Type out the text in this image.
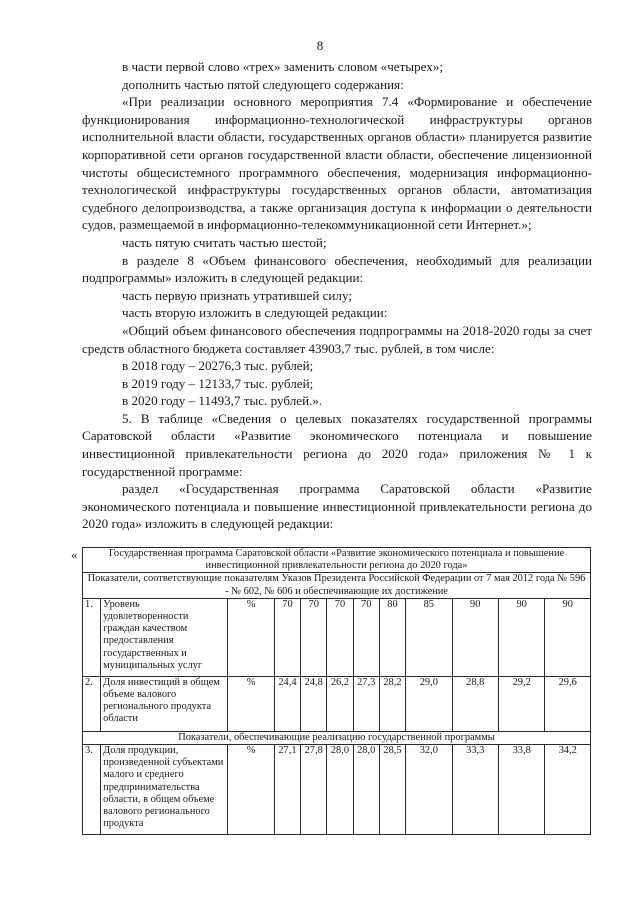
8

в части первой слово «трех» заменить словом «четырех»;

дополнить частью пятой следующего содержания:

«При реализации основного мероприятия 7.4 «Формирование и обеспечение функционирования информационно-технологической инфраструктуры органов исполнительной власти области, государственных органов области» планируется развитие корпоративной сети органов государственной власти области, обеспечение лицензионной чистоты общесистемного программного обеспечения, модернизация информационно-технологической инфраструктуры государственных органов области, автоматизация судебного делопроизводства, а также организация доступа к информации о деятельности судов, размещаемой в информационно-телекоммуникационной сети Интернет.»;

часть пятую считать частью шестой;

в разделе 8 «Объем финансового обеспечения, необходимый для реализации подпрограммы» изложить в следующей редакции:

часть первую признать утратившей силу;

часть вторую изложить в следующей редакции:

«Общий объем финансового обеспечения подпрограммы на 2018-2020 годы за счет средств областного бюджета составляет 43903,7 тыс. рублей, в том числе:

в 2018 году – 20276,3 тыс. рублей;

в 2019 году – 12133,7 тыс. рублей;

в 2020 году – 11493,7 тыс. рублей.».

5. В таблице «Сведения о целевых показателях государственной программы Саратовской области «Развитие экономического потенциала и повышение инвестиционной привлекательности региона до 2020 года» приложения № 1 к государственной программе:

раздел «Государственная программа Саратовской области «Развитие экономического потенциала и повышение инвестиционной привлекательности региона до 2020 года» изложить в следующей редакции:

«	Государственная программа Саратовской области «Развитие экономического потенциала и повышение инвестиционной привлекательности региона до 2020 года»											
Показатели, соответствующие показателям Указов Президента Российской Федерации от 7 мая 2012 года № 596 - № 602, № 606 и обеспечивающие их достижение											
1.	Уровень удовлетворенности граждан качеством предоставления государственных и муниципальных услуг	%	70	70	70	70	80	85	90	90	90
2.	Доля инвестиций в общем объеме валового регионального продукта области	%	24,4	24,8	26,2	27,3	28,2	29,0	28,8	29,2	29,6
Показатели, обеспечивающие реализацию государственной программы											
3.	Доля продукции, произведенной субъектами малого и среднего предпринимательства области, в общем объеме валового регионального продукта	%	27,1	27,8	28,0	28,0	28,5	32,0	33,3	33,8	34,2
